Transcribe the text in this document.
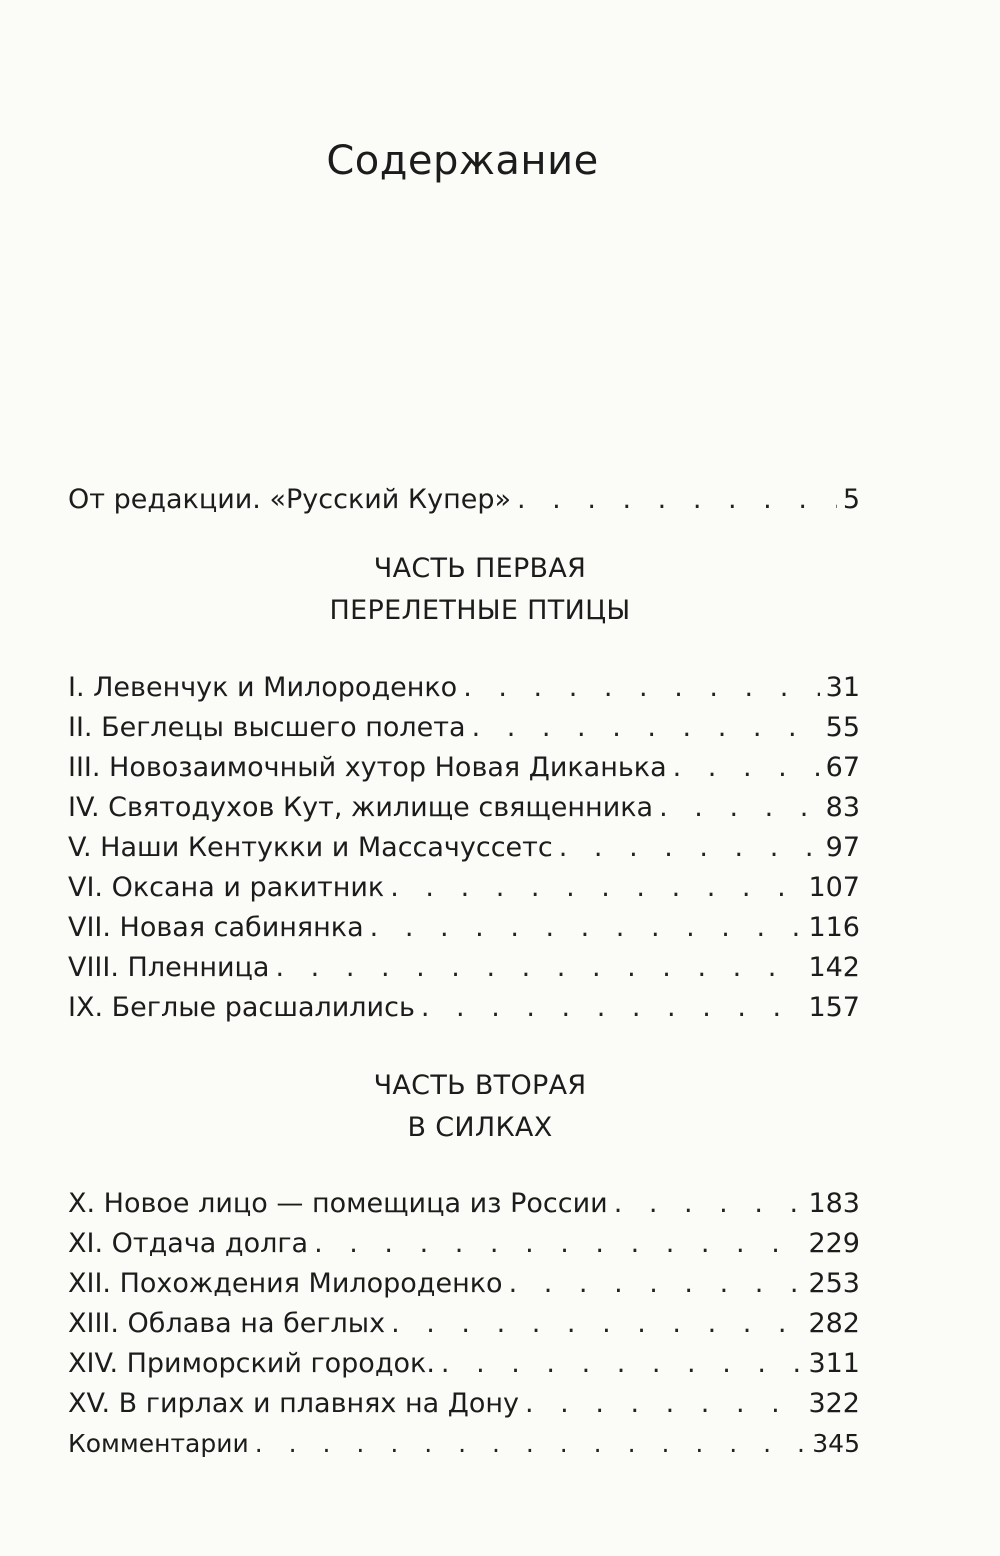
Содержание
От редакции. «Русский Купер» . . .	5
ЧАСТЬ ПЕРВАЯ
ПЕРЕЛЕТНЫЕ ПТИЦЫ
I. Левенчук и Милороденко . . .	31
II. Беглецы высшего полета . . .	55
III. Новозаимочный хутор Новая Диканька . . .	67
IV. Святодухов Кут, жилище священника . . .	83
V. Наши Кентукки и Массачуссетс . . .	97
VI. Оксана и ракитник . . .	107
VII. Новая сабинянка . . .	116
VIII. Пленница . . .	142
IX. Беглые расшалились . . .	157
ЧАСТЬ ВТОРАЯ
В СИЛКАХ
X. Новое лицо — помещица из России . . .	183
XI. Отдача долга . . .	229
XII. Похождения Милороденко . . .	253
XIII. Облава на беглых . . .	282
XIV. Приморский городок. . . .	311
XV. В гирлах и плавнях на Дону . . .	322
Комментарии . . .	345
